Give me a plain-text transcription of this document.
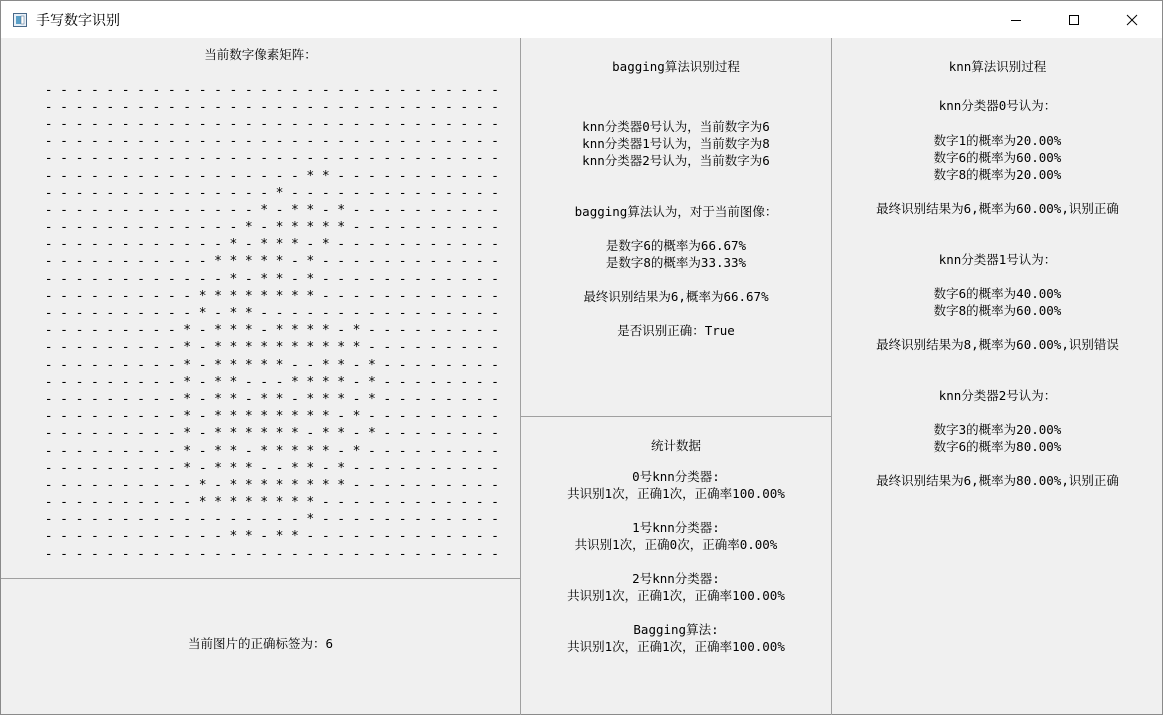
手写数字识别
当前数字像素矩阵：
- - - - - - - - - - - - - - - - - - - - - - - - - - - - - -
- - - - - - - - - - - - - - - - - - - - - - - - - - - - - -
- - - - - - - - - - - - - - - - - - - - - - - - - - - - - -
- - - - - - - - - - - - - - - - - - - - - - - - - - - - - -
- - - - - - - - - - - - - - - - - - - - - - - - - - - - - -
- - - - - - - - - - - - - - - - - * * - - - - - - - - - - -
- - - - - - - - - - - - - - - * - - - - - - - - - - - - - -
- - - - - - - - - - - - - - * - * * - * - - - - - - - - - -
- - - - - - - - - - - - - * - * * * * * - - - - - - - - - -
- - - - - - - - - - - - * - * * * - * - - - - - - - - - - -
- - - - - - - - - - - * * * * * - * - - - - - - - - - - - -
- - - - - - - - - - - - * - * * - * - - - - - - - - - - - -
- - - - - - - - - - * * * * * * * * - - - - - - - - - - - -
- - - - - - - - - - * - * * - - - - - - - - - - - - - - - -
- - - - - - - - - * - * * * - * * * * - * - - - - - - - - -
- - - - - - - - - * - * * * * * * * * * * - - - - - - - - -
- - - - - - - - - * - * * * * * - - * * - * - - - - - - - -
- - - - - - - - - * - * * - - - * * * * - * - - - - - - - -
- - - - - - - - - * - * * - * * - * * * - * - - - - - - - -
- - - - - - - - - * - * * * * * * * * - * - - - - - - - - -
- - - - - - - - - * - * * * * * * - * * - * - - - - - - - -
- - - - - - - - - * - * * - * * * * * - * - - - - - - - - -
- - - - - - - - - * - * * * - - * * - * - - - - - - - - - -
- - - - - - - - - - * - * * * * * * * * - - - - - - - - - -
- - - - - - - - - - * * * * * * * * - - - - - - - - - - - -
- - - - - - - - - - - - - - - - - * - - - - - - - - - - - -
- - - - - - - - - - - - * * - * * - - - - - - - - - - - - -
- - - - - - - - - - - - - - - - - - - - - - - - - - - - - -
当前图片的正确标签为：6
bagging算法识别过程
knn分类器0号认为，当前数字为6
knn分类器1号认为，当前数字为8
knn分类器2号认为，当前数字为6
bagging算法认为，对于当前图像：
是数字6的概率为66.67%
是数字8的概率为33.33%
最终识别结果为6,概率为66.67%
是否识别正确：True
统计数据
0号knn分类器:
共识别1次，正确1次，正确率100.00%
1号knn分类器:
共识别1次，正确0次，正确率0.00%
2号knn分类器:
共识别1次，正确1次，正确率100.00%
Bagging算法:
共识别1次，正确1次，正确率100.00%
knn算法识别过程
knn分类器0号认为：
数字1的概率为20.00%
数字6的概率为60.00%
数字8的概率为20.00%
最终识别结果为6,概率为60.00%,识别正确
knn分类器1号认为：
数字6的概率为40.00%
数字8的概率为60.00%
最终识别结果为8,概率为60.00%,识别错误
knn分类器2号认为：
数字3的概率为20.00%
数字6的概率为80.00%
最终识别结果为6,概率为80.00%,识别正确
